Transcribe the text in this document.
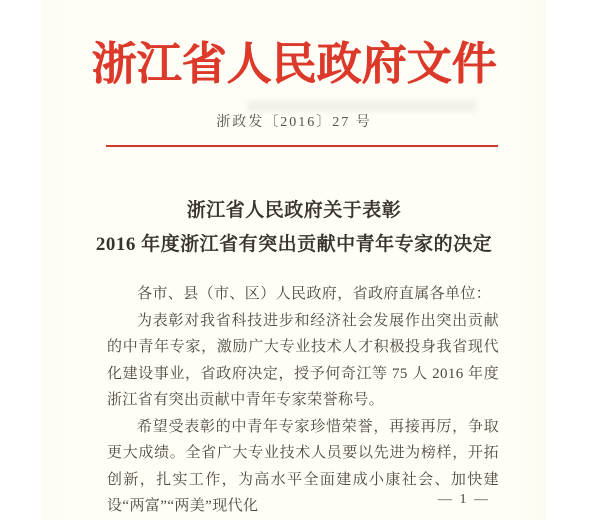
浙江省人民政府文件
浙政发〔2016〕27 号
浙江省人民政府关于表彰
2016 年度浙江省有突出贡献中青年专家的决定

各市、县（市、区）人民政府，省政府直属各单位：

为表彰对我省科技进步和经济社会发展作出突出贡献的中青年专家，激励广大专业技术人才积极投身我省现代化建设事业，省政府决定，授予何奇江等 75 人 2016 年度浙江省有突出贡献中青年专家荣誉称号。

希望受表彰的中青年专家珍惜荣誉，再接再厉，争取更大成绩。全省广大专业技术人员要以先进为榜样，开拓创新，扎实工作，为高水平全面建成小康社会、加快建设“两富”“两美”现代化	— 1 —
